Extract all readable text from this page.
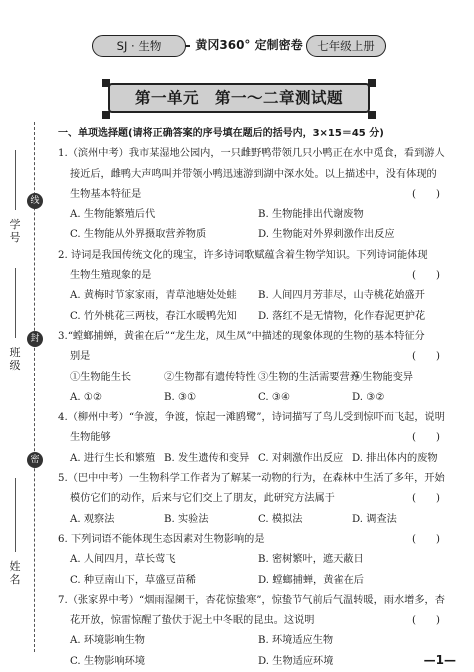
SJ · 生物	黄冈360° 定制密卷	七年级上册
第一单元　第一～二章测试题
线
封
密
学号
班级
姓名
一、单项选择题(请将正确答案的序号填在题后的括号内，3×15＝45 分)
1.（滨州中考）我市某湿地公园内，一只雌野鸭带领几只小鸭正在水中觅食，看到游人
接近后，雌鸭大声鸣叫并带领小鸭迅速游到湖中深水处。以上描述中，没有体现的
(  )
生物基本特征是
A. 生物能繁殖后代	B. 生物能排出代谢废物
C. 生物能从外界摄取营养物质	D. 生物能对外界刺激作出反应
2. 诗词是我国传统文化的瑰宝，许多诗词歌赋蕴含着生物学知识。下列诗词能体现
(  )
生物生殖现象的是
A. 黄梅时节家家雨，青草池塘处处蛙	B. 人间四月芳菲尽，山寺桃花始盛开
C. 竹外桃花三两枝，春江水暖鸭先知	D. 落红不是无情物，化作春泥更护花
3.“螳螂捕蝉，黄雀在后”“龙生龙，凤生凤”中描述的现象体现的生物的基本特征分
(  )
别是
①生物能生长	②生物都有遗传特性 ③生物的生活需要营养
④生物能变异
A. ①②	B. ③①	C. ③④	D. ③②
4.（柳州中考）“争渡，争渡，惊起一滩鸥鹭”，诗词描写了鸟儿受到惊吓而飞起，说明
(  )
生物能够
A. 进行生长和繁殖 B. 发生遗传和变异 C. 对刺激作出反应 D. 排出体内的废物
5.（巴中中考）一生物科学工作者为了解某一动物的行为，在森林中生活了多年，开始
(  )
模仿它们的动作，后来与它们交上了朋友，此研究方法属于
A. 观察法	B. 实验法	C. 模拟法	D. 调查法
(  )
6. 下列词语不能体现生态因素对生物影响的是
A. 人间四月，草长莺飞	B. 密树繁叶，遮天蔽日
C. 种豆南山下，草盛豆苗稀	D. 螳螂捕蝉，黄雀在后
7.（张家界中考）“烟雨湿阑干，杏花惊蛰寒”，惊蛰节气前后气温转暖，雨水增多，杏
(  )
花开放，惊雷惊醒了蛰伏于泥土中冬眠的昆虫。这说明
A. 环境影响生物	B. 环境适应生物
C. 生物影响环境	D. 生物适应环境	—1—
